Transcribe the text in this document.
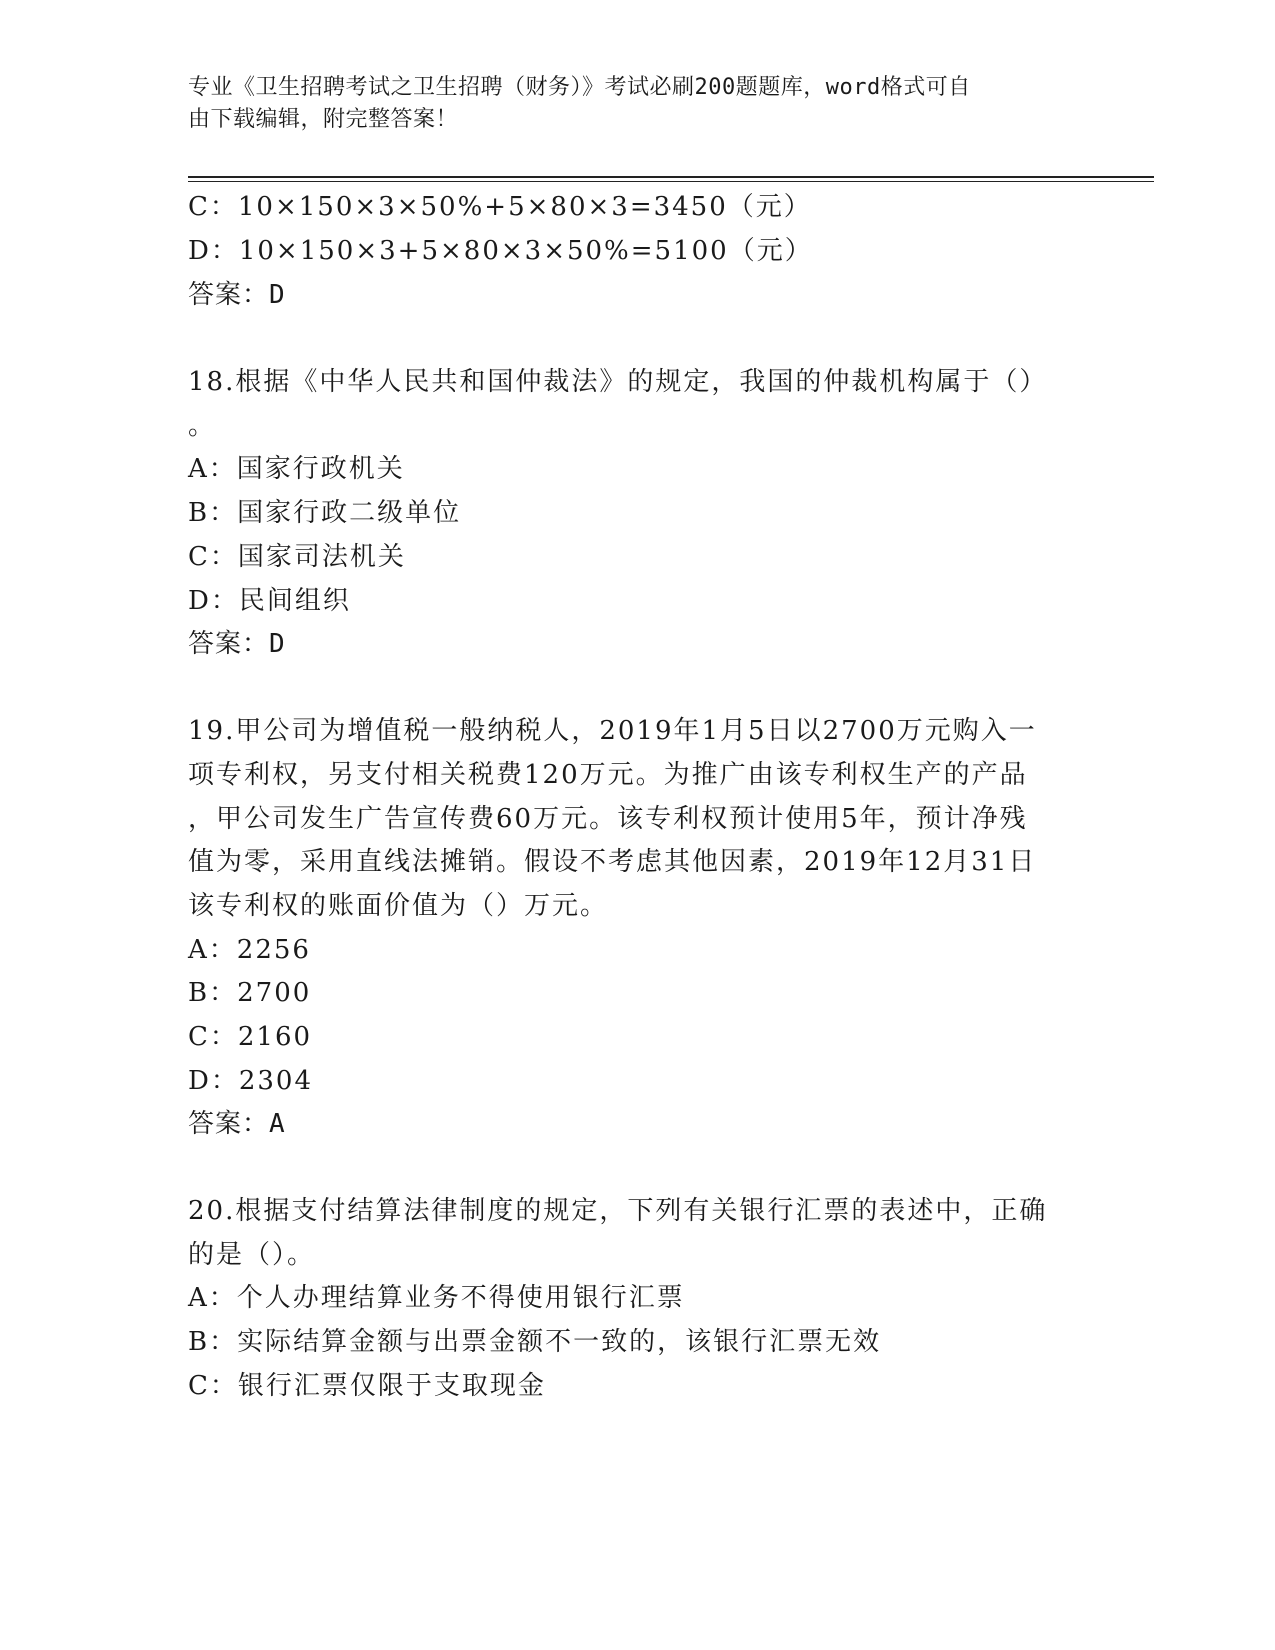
专业《卫生招聘考试之卫生招聘（财务）》考试必刷200题题库，word格式可自
由下载编辑，附完整答案！
C：10×150×3×50%+5×80×3=3450（元）
D：10×150×3+5×80×3×50%=5100（元）
答案：D
18.根据《中华人民共和国仲裁法》的规定，我国的仲裁机构属于（）
。
A：国家行政机关
B：国家行政二级单位
C：国家司法机关
D：民间组织
答案：D
19.甲公司为增值税一般纳税人，2019年1月5日以2700万元购入一
项专利权，另支付相关税费120万元。为推广由该专利权生产的产品
，甲公司发生广告宣传费60万元。该专利权预计使用5年，预计净残
值为零，采用直线法摊销。假设不考虑其他因素，2019年12月31日
该专利权的账面价值为（）万元。
A：2256
B：2700
C：2160
D：2304
答案：A
20.根据支付结算法律制度的规定，下列有关银行汇票的表述中，正确
的是（）。
A：个人办理结算业务不得使用银行汇票
B：实际结算金额与出票金额不一致的，该银行汇票无效
C：银行汇票仅限于支取现金
